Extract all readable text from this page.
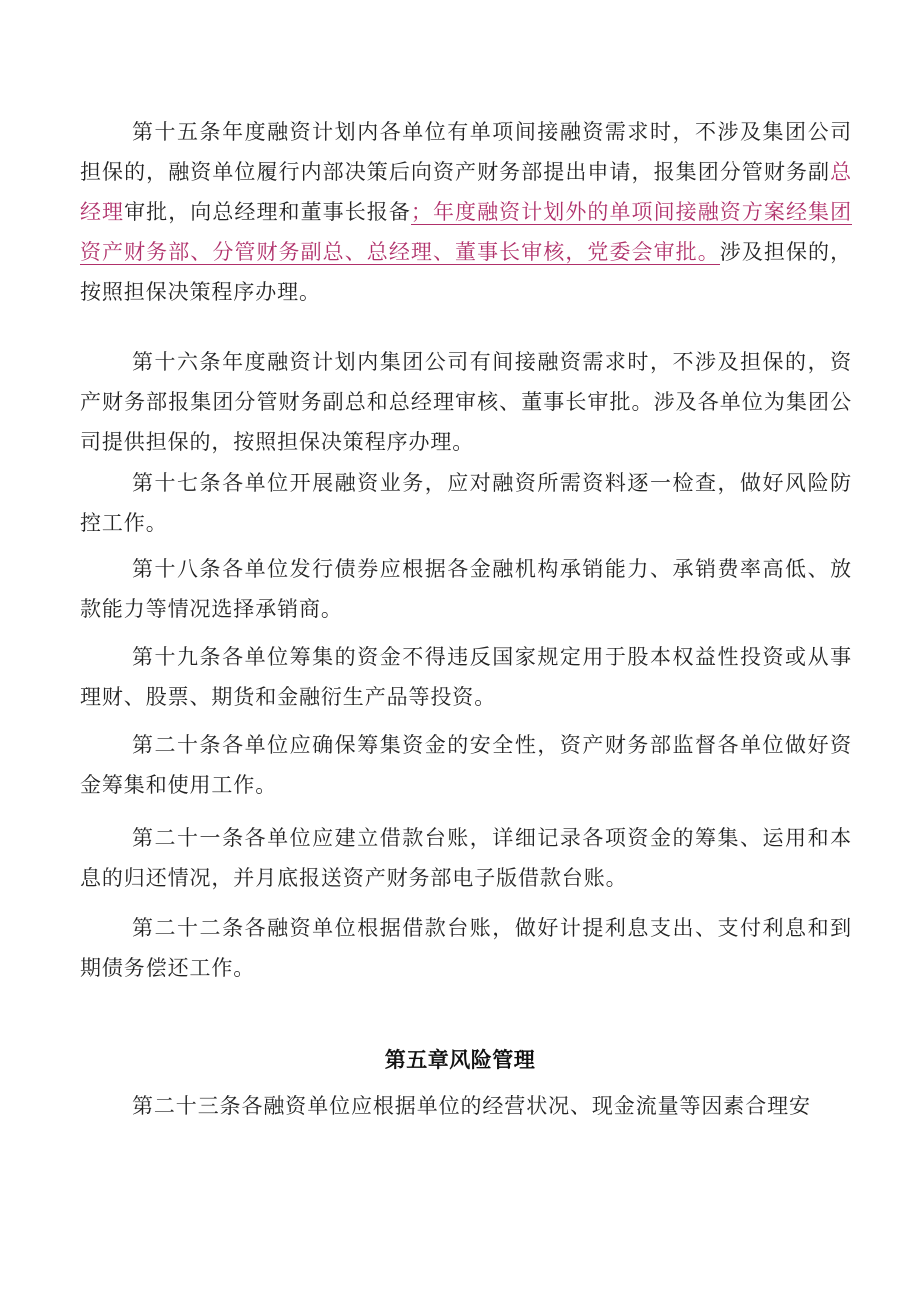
第十五条年度融资计划内各单位有单项间接融资需求时，不涉及集团公司担保的，融资单位履行内部决策后向资产财务部提出申请，报集团分管财务副总经理审批，向总经理和董事长报备；年度融资计划外的单项间接融资方案经集团资产财务部、分管财务副总、总经理、董事长审核，党委会审批。涉及担保的，按照担保决策程序办理。

第十六条年度融资计划内集团公司有间接融资需求时，不涉及担保的，资产财务部报集团分管财务副总和总经理审核、董事长审批。涉及各单位为集团公司提供担保的，按照担保决策程序办理。

第十七条各单位开展融资业务，应对融资所需资料逐一检查，做好风险防控工作。

第十八条各单位发行债券应根据各金融机构承销能力、承销费率高低、放款能力等情况选择承销商。

第十九条各单位筹集的资金不得违反国家规定用于股本权益性投资或从事理财、股票、期货和金融衍生产品等投资。

第二十条各单位应确保筹集资金的安全性，资产财务部监督各单位做好资金筹集和使用工作。

第二十一条各单位应建立借款台账，详细记录各项资金的筹集、运用和本息的归还情况，并月底报送资产财务部电子版借款台账。

第二十二条各融资单位根据借款台账，做好计提利息支出、支付利息和到期债务偿还工作。

第五章风险管理

第二十三条各融资单位应根据单位的经营状况、现金流量等因素合理安
